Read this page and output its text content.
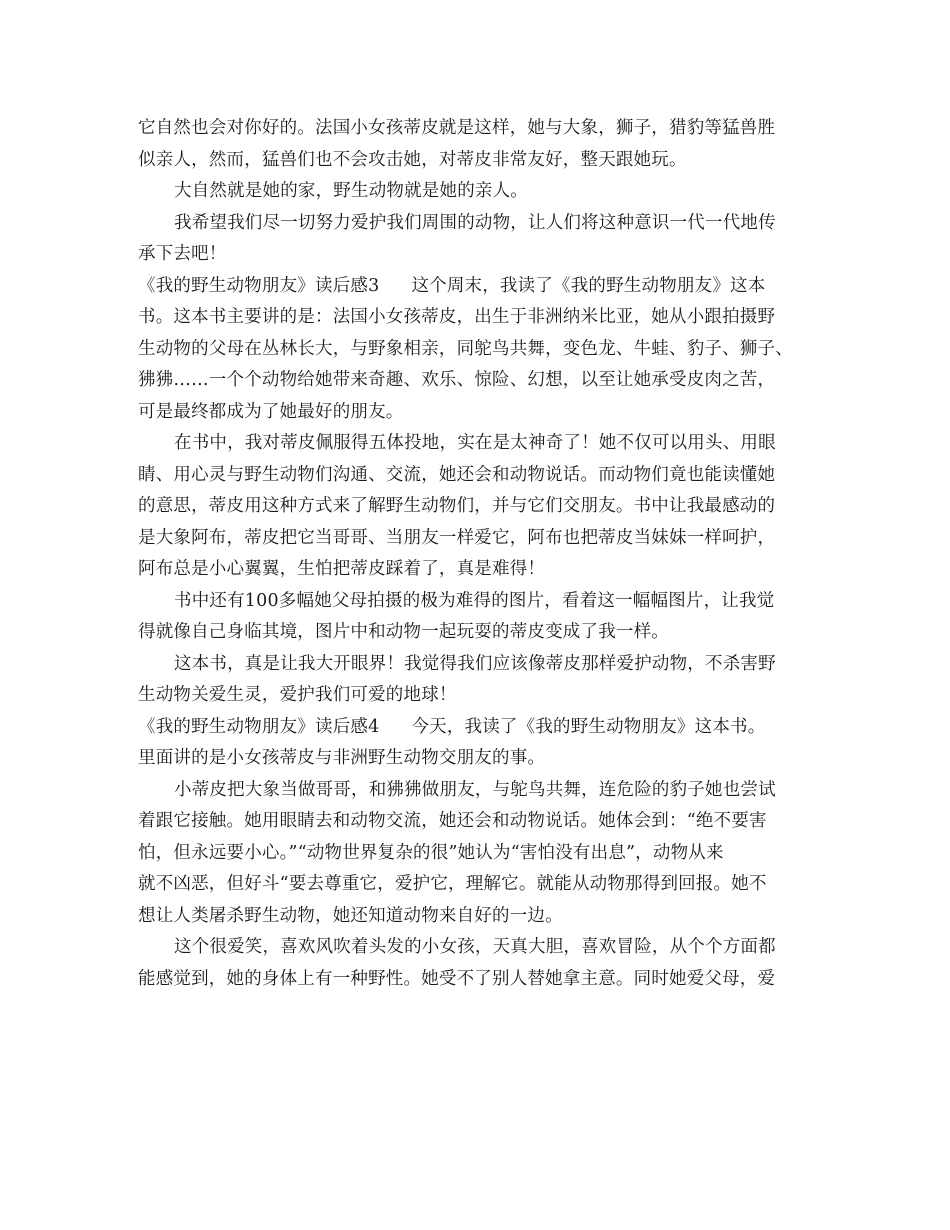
它自然也会对你好的。法国小女孩蒂皮就是这样，她与大象，狮子，猎豹等猛兽胜
似亲人，然而，猛兽们也不会攻击她，对蒂皮非常友好，整天跟她玩。
大自然就是她的家，野生动物就是她的亲人。
我希望我们尽一切努力爱护我们周围的动物，让人们将这种意识一代一代地传
承下去吧！
《我的野生动物朋友》读后感3 这个周末，我读了《我的野生动物朋友》这本
书。这本书主要讲的是：法国小女孩蒂皮，出生于非洲纳米比亚，她从小跟拍摄野
生动物的父母在丛林长大，与野象相亲，同鸵鸟共舞，变色龙、牛蛙、豹子、狮子、
狒狒……一个个动物给她带来奇趣、欢乐、惊险、幻想，以至让她承受皮肉之苦，
可是最终都成为了她最好的朋友。
在书中，我对蒂皮佩服得五体投地，实在是太神奇了！她不仅可以用头、用眼
睛、用心灵与野生动物们沟通、交流，她还会和动物说话。而动物们竟也能读懂她
的意思，蒂皮用这种方式来了解野生动物们，并与它们交朋友。书中让我最感动的
是大象阿布，蒂皮把它当哥哥、当朋友一样爱它，阿布也把蒂皮当妹妹一样呵护，
阿布总是小心翼翼，生怕把蒂皮踩着了，真是难得！
书中还有100多幅她父母拍摄的极为难得的图片，看着这一幅幅图片，让我觉
得就像自己身临其境，图片中和动物一起玩耍的蒂皮变成了我一样。
这本书，真是让我大开眼界！我觉得我们应该像蒂皮那样爱护动物，不杀害野
生动物关爱生灵，爱护我们可爱的地球！
《我的野生动物朋友》读后感4 今天，我读了《我的野生动物朋友》这本书。
里面讲的是小女孩蒂皮与非洲野生动物交朋友的事。
小蒂皮把大象当做哥哥，和狒狒做朋友，与鸵鸟共舞，连危险的豹子她也尝试
着跟它接触。她用眼睛去和动物交流，她还会和动物说话。她体会到：“绝不要害
怕，但永远要小心。”“动物世界复杂的很”她认为“害怕没有出息”，动物从来
就不凶恶，但好斗“要去尊重它，爱护它，理解它。就能从动物那得到回报。她不
想让人类屠杀野生动物，她还知道动物来自好的一边。
这个很爱笑，喜欢风吹着头发的小女孩，天真大胆，喜欢冒险，从个个方面都
能感觉到，她的身体上有一种野性。她受不了别人替她拿主意。同时她爱父母，爱
